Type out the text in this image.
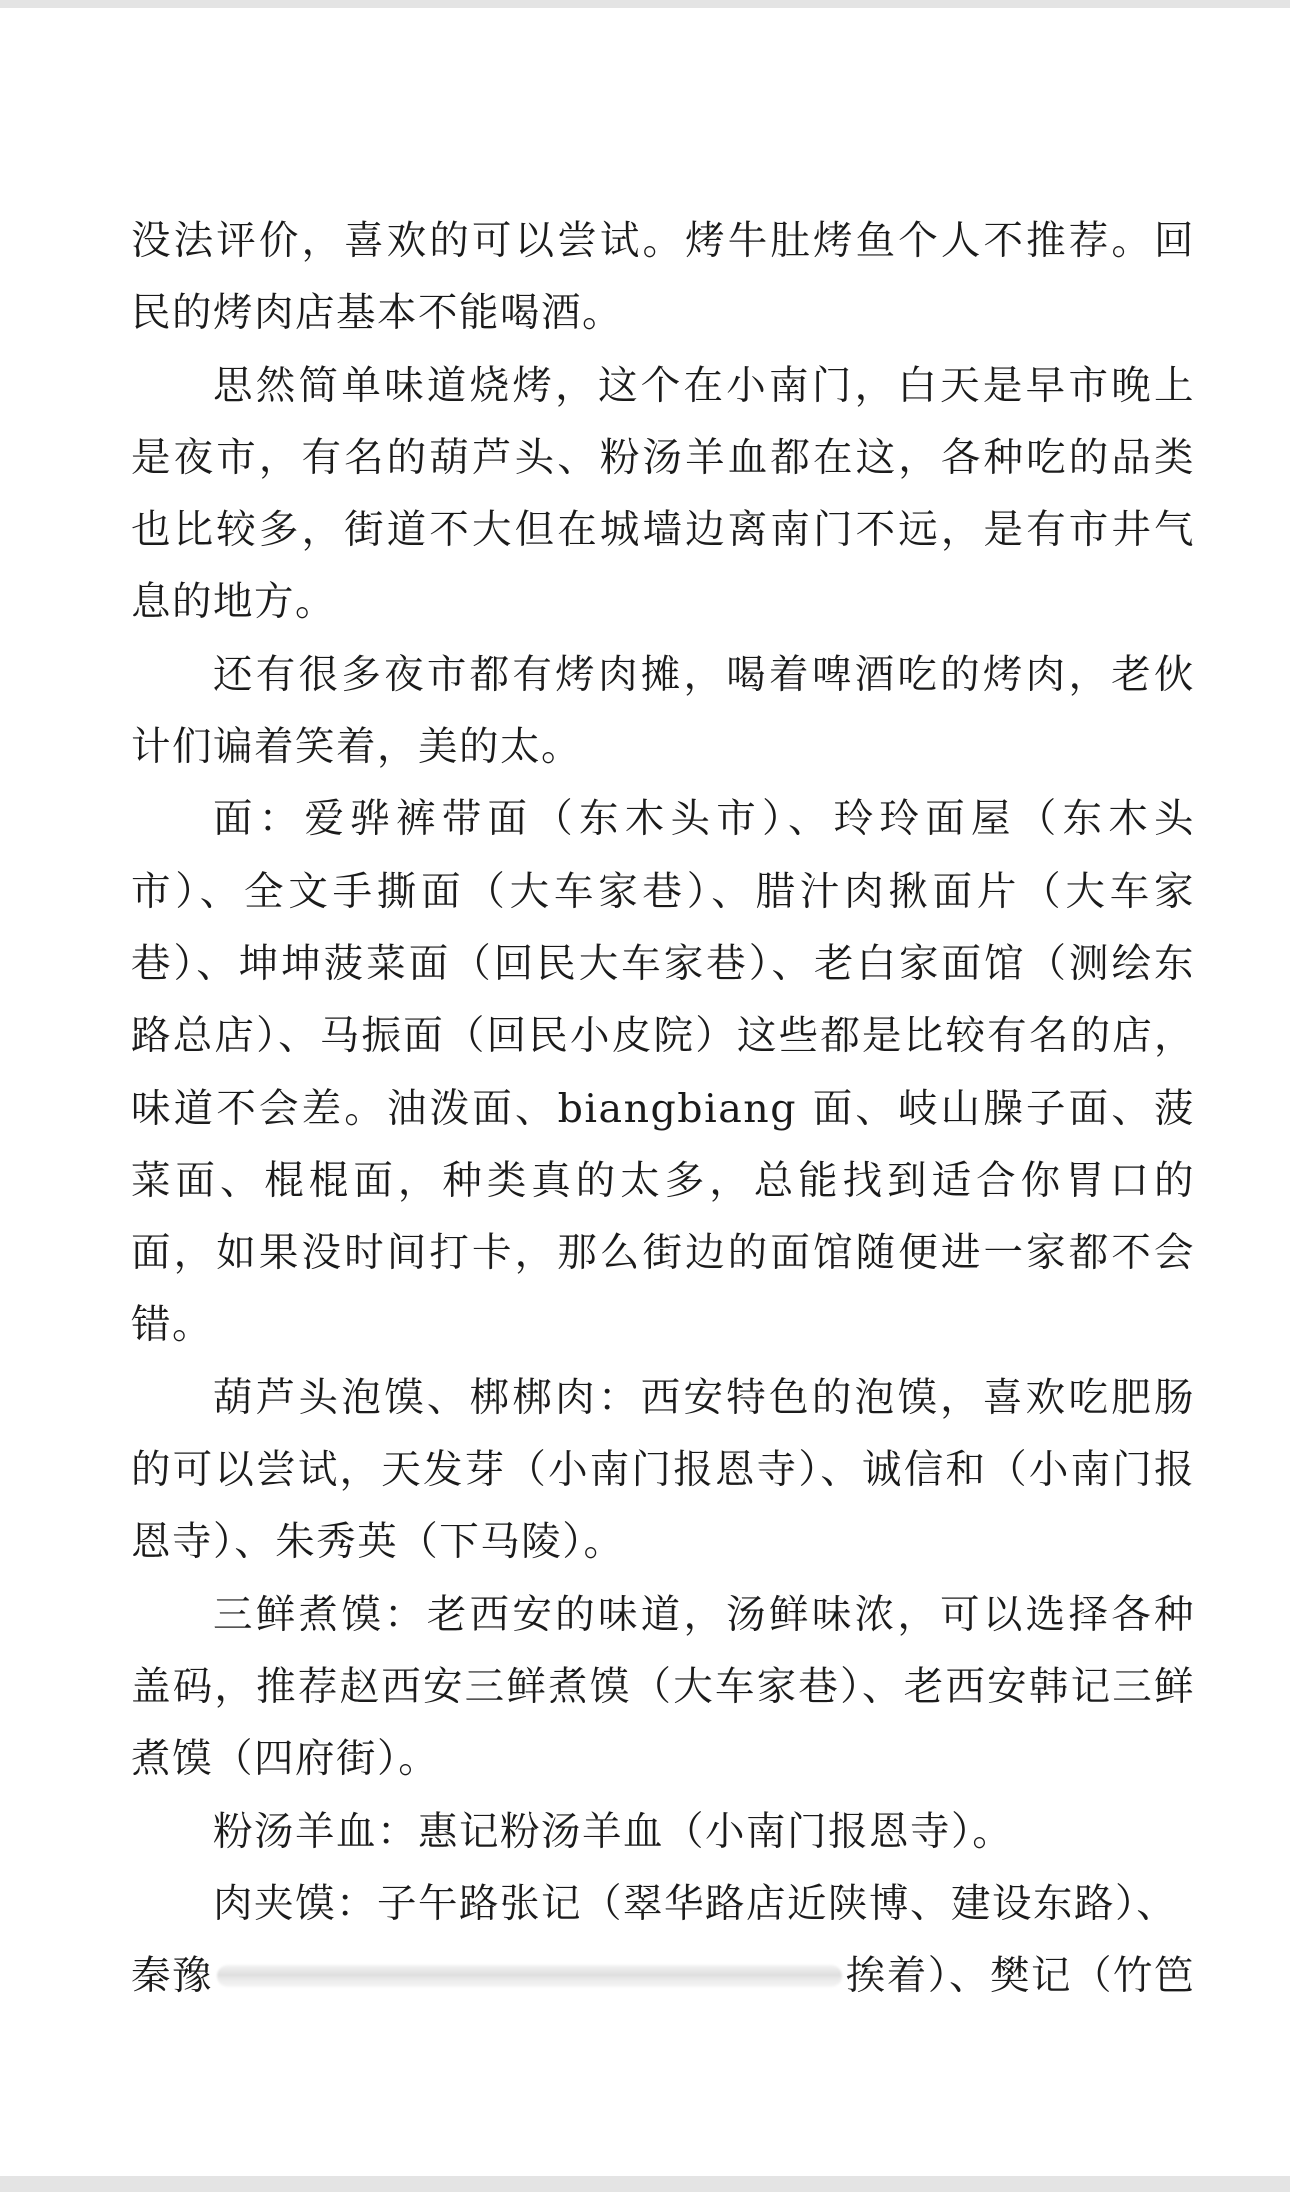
没法评价，喜欢的可以尝试。烤牛肚烤鱼个人不推荐。回民的烤肉店基本不能喝酒。

思然简单味道烧烤，这个在小南门，白天是早市晚上是夜市，有名的葫芦头、粉汤羊血都在这，各种吃的品类也比较多，街道不大但在城墙边离南门不远，是有市井气息的地方。

还有很多夜市都有烤肉摊，喝着啤酒吃的烤肉，老伙计们谝着笑着，美的太。

面：爱骅裤带面（东木头市）、玲玲面屋（东木头市）、全文手撕面（大车家巷）、腊汁肉揪面片（大车家巷）、坤坤菠菜面（回民大车家巷）、老白家面馆（测绘东路总店）、马振面（回民小皮院）这些都是比较有名的店，味道不会差。油泼面、biangbiang 面、岐山臊子面、菠菜面、棍棍面，种类真的太多，总能找到适合你胃口的面，如果没时间打卡，那么街边的面馆随便进一家都不会错。

葫芦头泡馍、梆梆肉：西安特色的泡馍，喜欢吃肥肠的可以尝试，天发芽（小南门报恩寺）、诚信和（小南门报恩寺）、朱秀英（下马陵）。

三鲜煮馍：老西安的味道，汤鲜味浓，可以选择各种盖码，推荐赵西安三鲜煮馍（大车家巷）、老西安韩记三鲜煮馍（四府街）。

粉汤羊血：惠记粉汤羊血（小南门报恩寺）。

肉夹馍：子午路张记（翠华路店近陕博、建设东路）、

秦豫	挨着）、樊记（竹笆
